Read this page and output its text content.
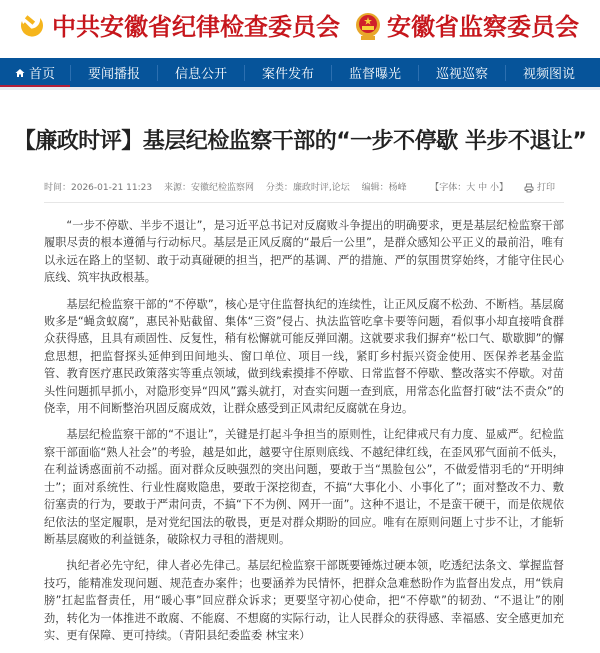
中共安徽省纪律检查委员会 安徽省监察委员会
首页	要闻播报	信息公开	案件发布	监督曝光	巡视巡察	视频图说
【廉政时评】基层纪检监察干部的“一步不停歇 半步不退让”
时间：2026-01-21 11:23 来源：安徽纪检监察网 分类：廉政时评,论坛 编辑：杨峰	【字体：大 中 小】	打印

“一步不停歇、半步不退让”，是习近平总书记对反腐败斗争提出的明确要求，更是基层纪检监察干部履职尽责的根本遵循与行动标尺。基层是正风反腐的“最后一公里”，是群众感知公平正义的最前沿，唯有以永远在路上的坚韧、敢于动真碰硬的担当，把严的基调、严的措施、严的氛围贯穿始终，才能守住民心底线、筑牢执政根基。

基层纪检监察干部的“不停歇”，核心是守住监督执纪的连续性，让正风反腐不松劲、不断档。基层腐败多是“蝇贪蚁腐”，惠民补贴截留、集体“三资”侵占、执法监管吃拿卡要等问题，看似事小却直接啃食群众获得感，且具有顽固性、反复性，稍有松懈就可能反弹回潮。这就要求我们摒弃“松口气、歇歇脚”的懈怠思想，把监督探头延伸到田间地头、窗口单位、项目一线，紧盯乡村振兴资金使用、医保养老基金监管、教育医疗惠民政策落实等重点领域，做到线索摸排不停歇、日常监督不停歇、整改落实不停歇。对苗头性问题抓早抓小，对隐形变异“四风”露头就打，对查实问题一查到底，用常态化监督打破“法不责众”的侥幸，用不间断整治巩固反腐成效，让群众感受到正风肃纪反腐就在身边。

基层纪检监察干部的“不退让”，关键是打起斗争担当的原则性，让纪律戒尺有力度、显威严。纪检监察干部面临“熟人社会”的考验，越是如此，越要守住原则底线、不越纪律红线，在歪风邪气面前不低头，在利益诱惑面前不动摇。面对群众反映强烈的突出问题，要敢于当“黑脸包公”，不做爱惜羽毛的“开明绅士”；面对系统性、行业性腐败隐患，要敢于深挖彻查，不搞“大事化小、小事化了”；面对整改不力、敷衍塞责的行为，要敢于严肃问责，不搞“下不为例、网开一面”。这种不退让，不是蛮干硬干，而是依规依纪依法的坚定履职，是对党纪国法的敬畏，更是对群众期盼的回应。唯有在原则问题上寸步不让，才能斩断基层腐败的利益链条，破除权力寻租的潜规则。

执纪者必先守纪，律人者必先律己。基层纪检监察干部既要锤炼过硬本领，吃透纪法条文、掌握监督技巧，能精准发现问题、规范查办案件；也要涵养为民情怀，把群众急难愁盼作为监督出发点，用“铁肩膀”扛起监督责任，用“暖心事”回应群众诉求；更要坚守初心使命，把“不停歇”的韧劲、“不退让”的刚劲，转化为一体推进不敢腐、不能腐、不想腐的实际行动，让人民群众的获得感、幸福感、安全感更加充实、更有保障、更可持续。（青阳县纪委监委 林宝来）
